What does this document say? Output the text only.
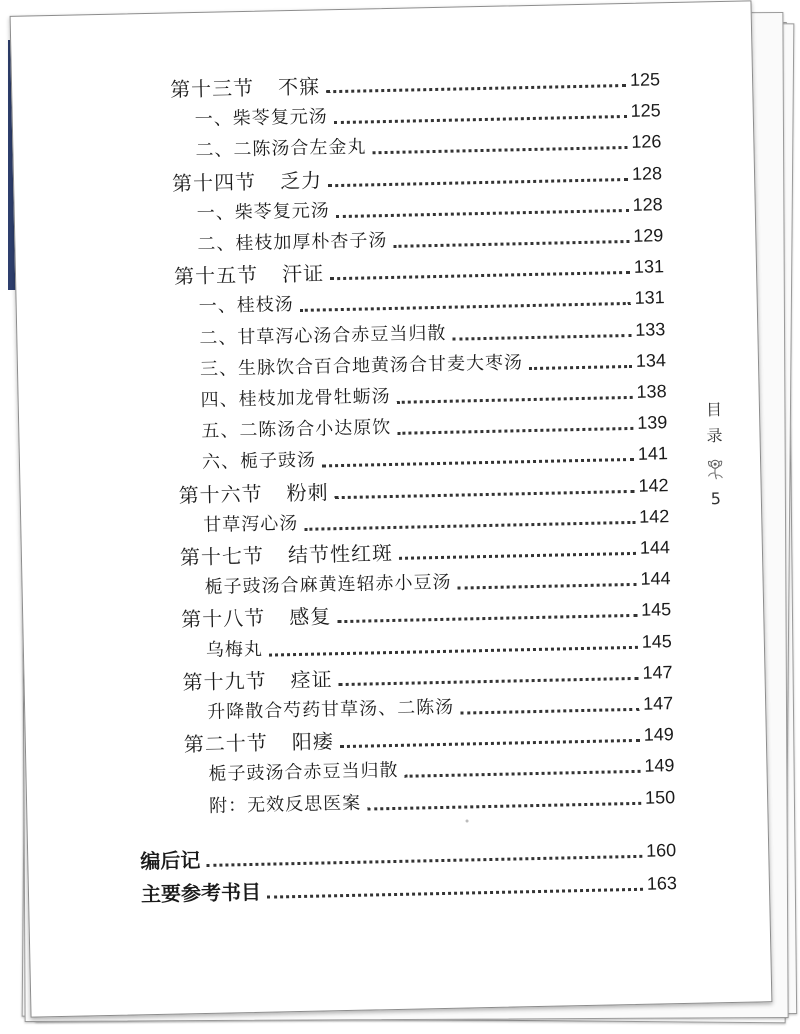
第十三节 不寐	125
一、柴苓复元汤	125
二、二陈汤合左金丸	126
第十四节 乏力	128
一、柴苓复元汤	128
二、桂枝加厚朴杏子汤	129
第十五节 汗证	131
一、桂枝汤	131
二、甘草泻心汤合赤豆当归散	133
三、生脉饮合百合地黄汤合甘麦大枣汤	134
四、桂枝加龙骨牡蛎汤	138
五、二陈汤合小达原饮	139
六、栀子豉汤	141
第十六节 粉刺	142
甘草泻心汤	142
第十七节 结节性红斑	144
栀子豉汤合麻黄连轺赤小豆汤	144
第十八节 感复	145
乌梅丸	145
第十九节 痉证	147
升降散合芍药甘草汤、二陈汤	147
第二十节 阳痿	149
栀子豉汤合赤豆当归散	149
附：无效反思医案	150
编后记	160
主要参考书目	163
目
录
5
